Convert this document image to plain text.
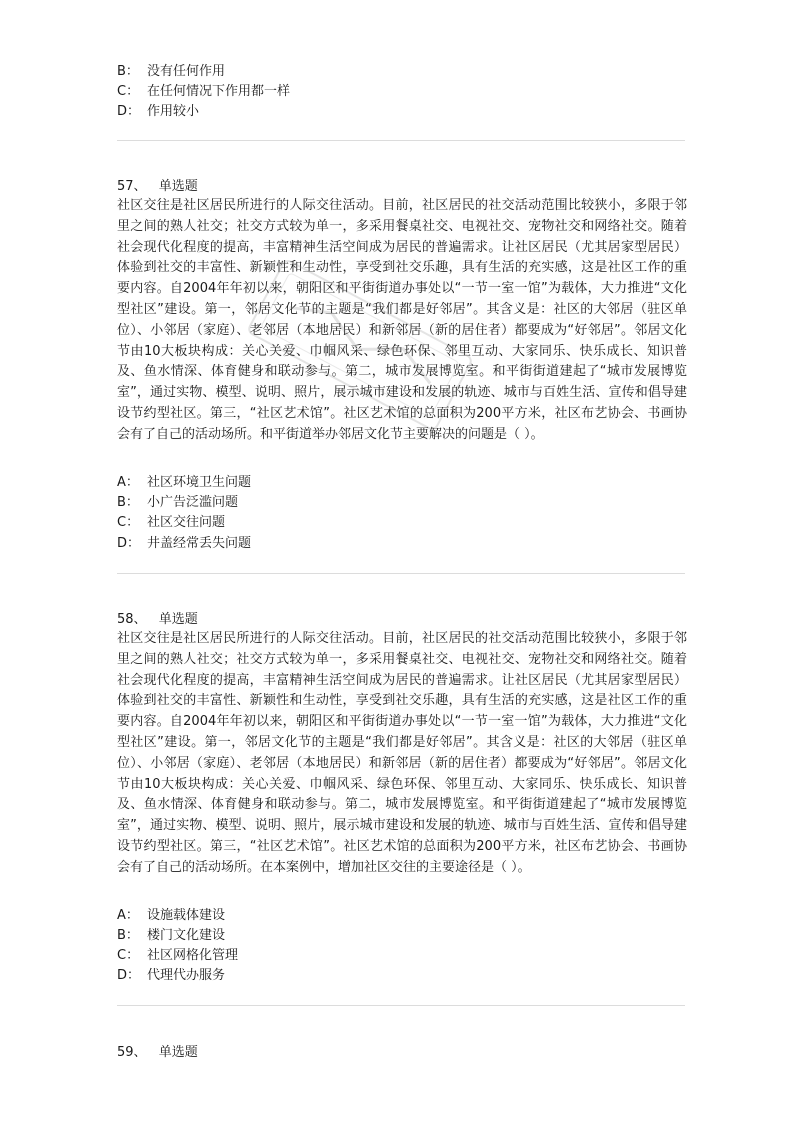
B： 没有任何作用
C： 在任何情况下作用都一样
D： 作用较小
57、 单选题
社区交往是社区居民所进行的人际交往活动。目前，社区居民的社交活动范围比较狭小，多限于邻里之间的熟人社交；社交方式较为单一，多采用餐桌社交、电视社交、宠物社交和网络社交。随着社会现代化程度的提高，丰富精神生活空间成为居民的普遍需求。让社区居民（尤其居家型居民）体验到社交的丰富性、新颖性和生动性，享受到社交乐趣，具有生活的充实感，这是社区工作的重要内容。自2004年年初以来，朝阳区和平街街道办事处以“一节一室一馆”为载体，大力推进“文化型社区”建设。第一，邻居文化节的主题是“我们都是好邻居”。其含义是：社区的大邻居（驻区单位）、小邻居（家庭）、老邻居（本地居民）和新邻居（新的居住者）都要成为“好邻居”。邻居文化节由10大板块构成：关心关爱、巾帼风采、绿色环保、邻里互动、大家同乐、快乐成长、知识普及、鱼水情深、体育健身和联动参与。第二，城市发展博览室。和平街街道建起了“城市发展博览室”，通过实物、模型、说明、照片，展示城市建设和发展的轨迹、城市与百姓生活、宣传和倡导建设节约型社区。第三，“社区艺术馆”。社区艺术馆的总面积为200平方米，社区布艺协会、书画协会有了自己的活动场所。和平街道举办邻居文化节主要解决的问题是（ ）。
A： 社区环境卫生问题
B： 小广告泛滥问题
C： 社区交往问题
D： 井盖经常丢失问题
58、 单选题
社区交往是社区居民所进行的人际交往活动。目前，社区居民的社交活动范围比较狭小，多限于邻里之间的熟人社交；社交方式较为单一，多采用餐桌社交、电视社交、宠物社交和网络社交。随着社会现代化程度的提高，丰富精神生活空间成为居民的普遍需求。让社区居民（尤其居家型居民）体验到社交的丰富性、新颖性和生动性，享受到社交乐趣，具有生活的充实感，这是社区工作的重要内容。自2004年年初以来，朝阳区和平街街道办事处以“一节一室一馆”为载体，大力推进“文化型社区”建设。第一，邻居文化节的主题是“我们都是好邻居”。其含义是：社区的大邻居（驻区单位）、小邻居（家庭）、老邻居（本地居民）和新邻居（新的居住者）都要成为“好邻居”。邻居文化节由10大板块构成：关心关爱、巾帼风采、绿色环保、邻里互动、大家同乐、快乐成长、知识普及、鱼水情深、体育健身和联动参与。第二，城市发展博览室。和平街街道建起了“城市发展博览室”，通过实物、模型、说明、照片，展示城市建设和发展的轨迹、城市与百姓生活、宣传和倡导建设节约型社区。第三，“社区艺术馆”。社区艺术馆的总面积为200平方米，社区布艺协会、书画协会有了自己的活动场所。在本案例中，增加社区交往的主要途径是（ ）。
A： 设施载体建设
B： 楼门文化建设
C： 社区网格化管理
D： 代理代办服务
59、 单选题
